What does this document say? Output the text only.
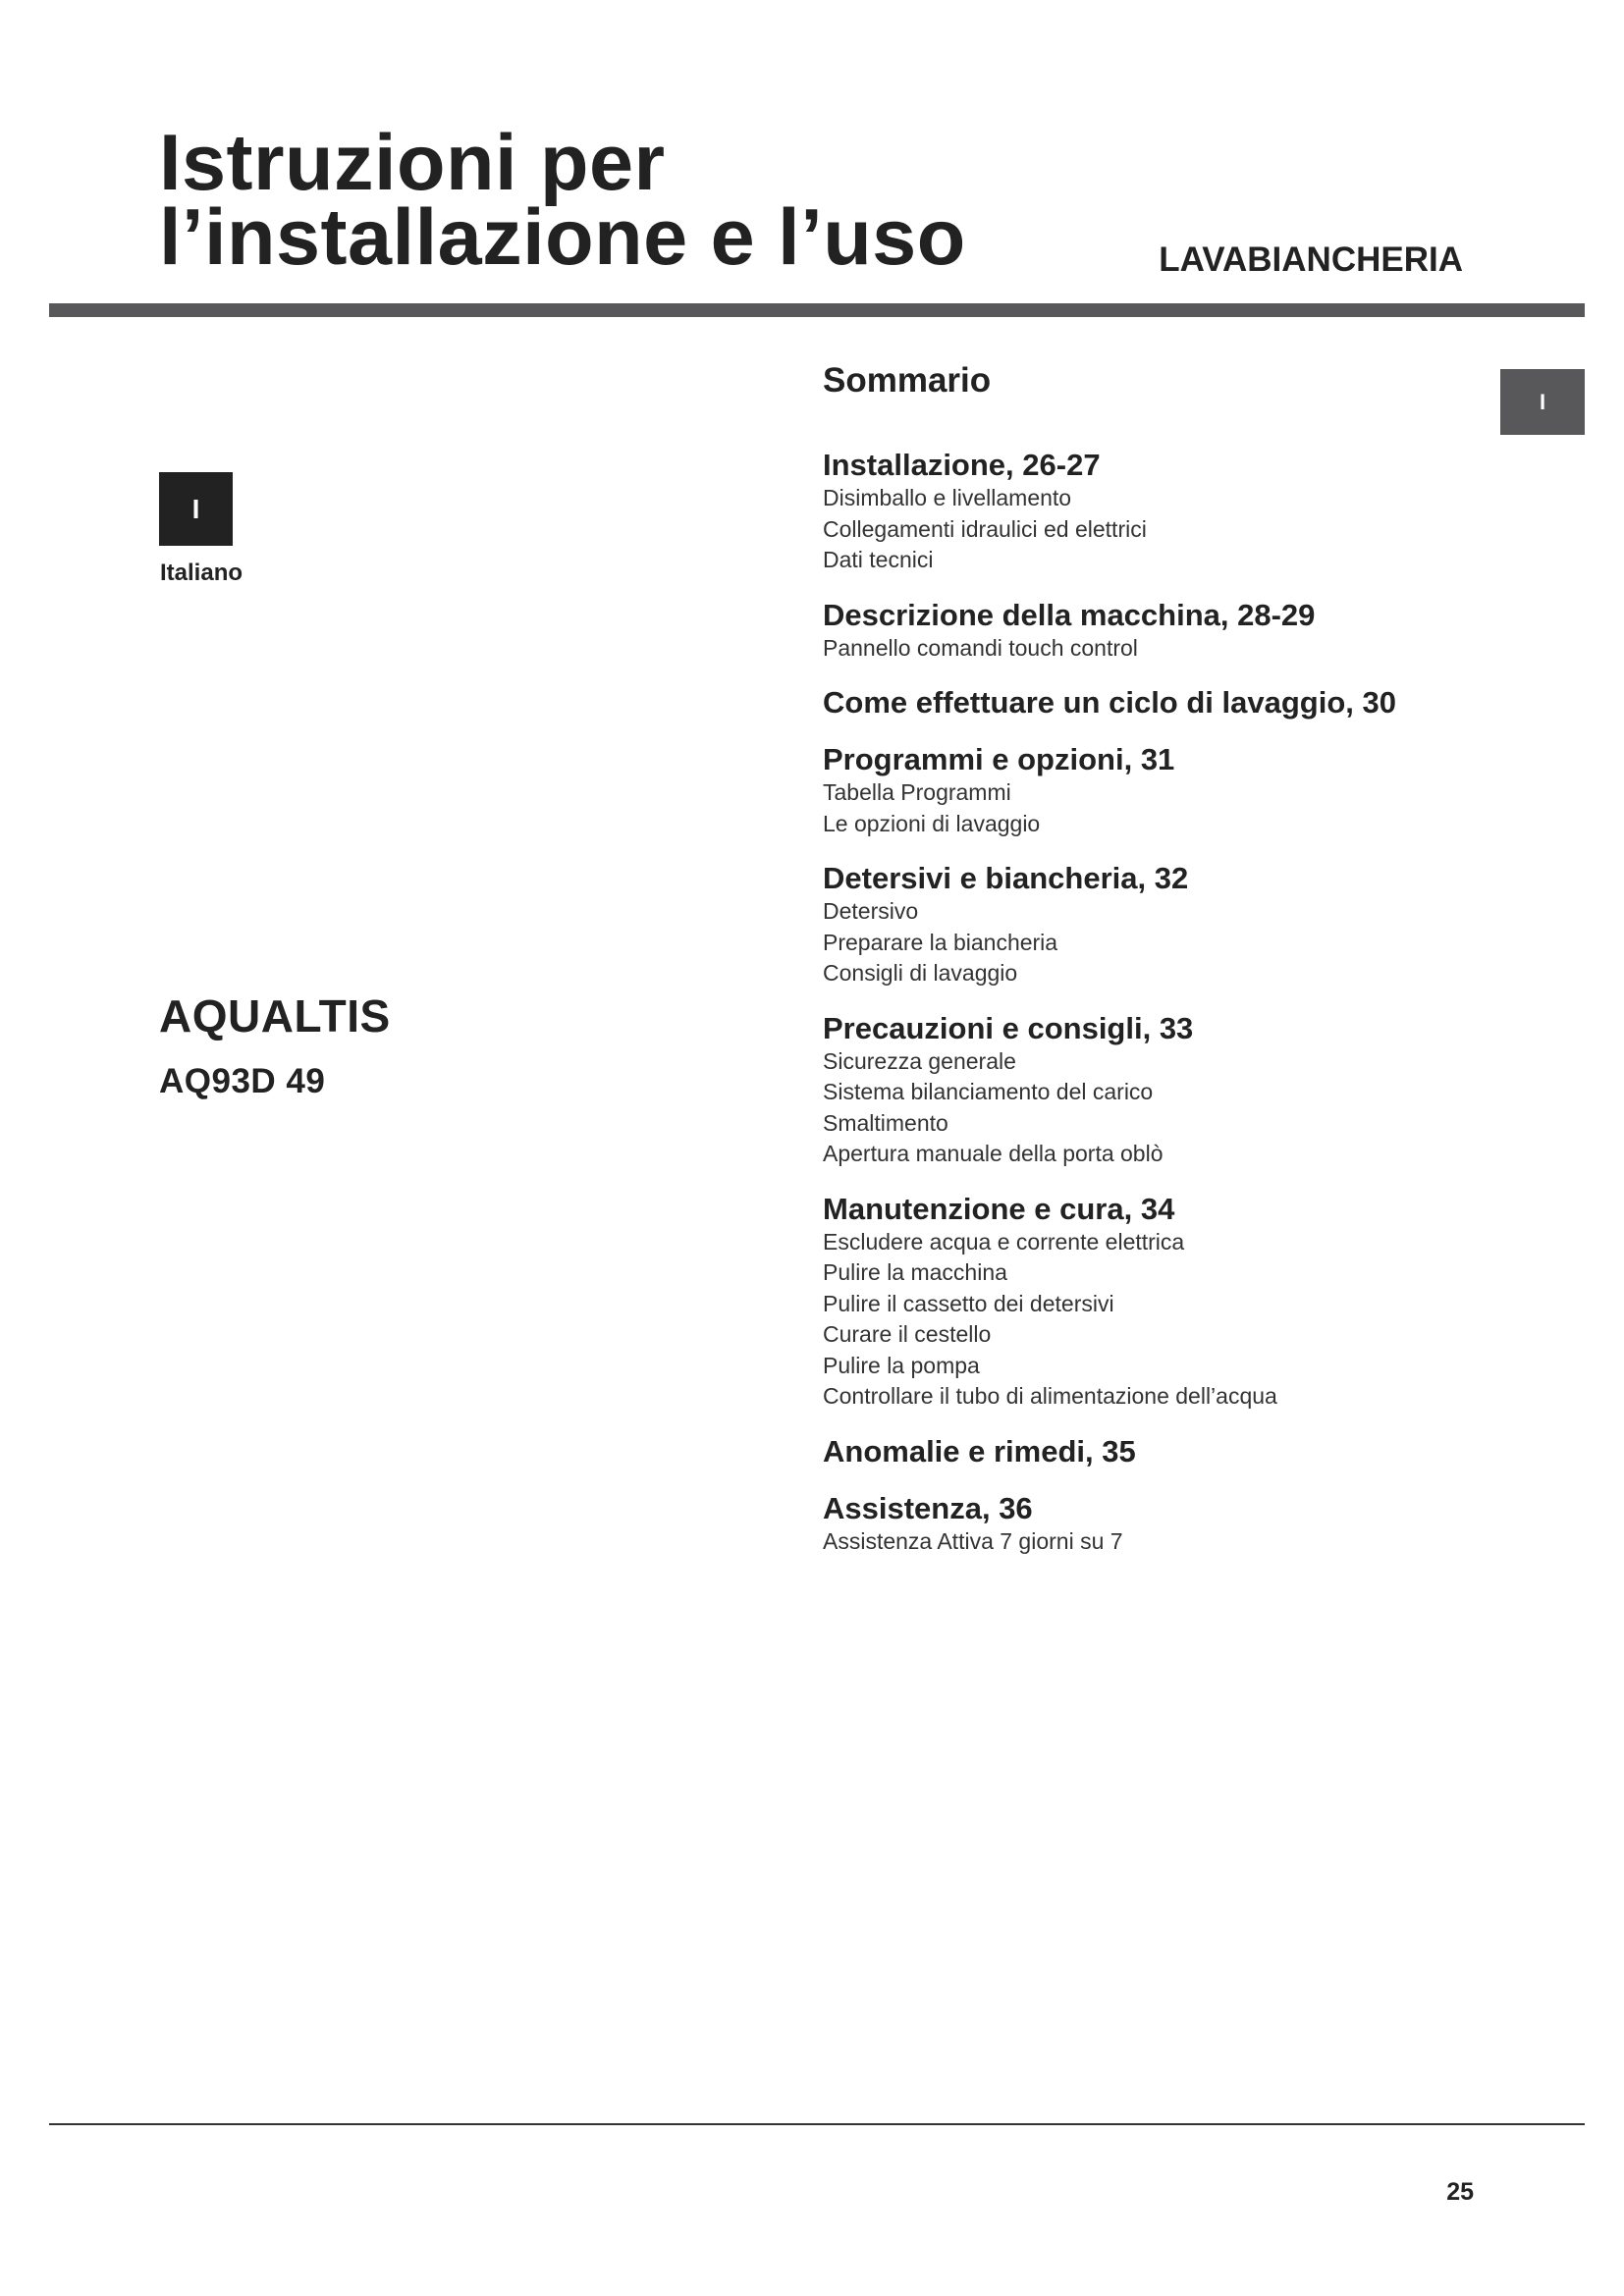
Istruzioni per
l’installazione e l’uso	LAVABIANCHERIA
I
I
Italiano
AQUALTIS
AQ93D 49
Sommario
Installazione, 26-27
Disimballo e livellamento
Collegamenti idraulici ed elettrici
Dati tecnici
Descrizione della macchina, 28-29
Pannello comandi touch control
Come effettuare un ciclo di lavaggio, 30
Programmi e opzioni, 31
Tabella Programmi
Le opzioni di lavaggio
Detersivi e biancheria, 32
Detersivo
Preparare la biancheria
Consigli di lavaggio
Precauzioni e consigli, 33
Sicurezza generale
Sistema bilanciamento del carico
Smaltimento
Apertura manuale della porta oblò
Manutenzione e cura, 34
Escludere acqua e corrente elettrica
Pulire la macchina
Pulire il cassetto dei detersivi
Curare il cestello
Pulire la pompa
Controllare il tubo di alimentazione dell’acqua
Anomalie e rimedi, 35
Assistenza, 36
Assistenza Attiva 7 giorni su 7
25
